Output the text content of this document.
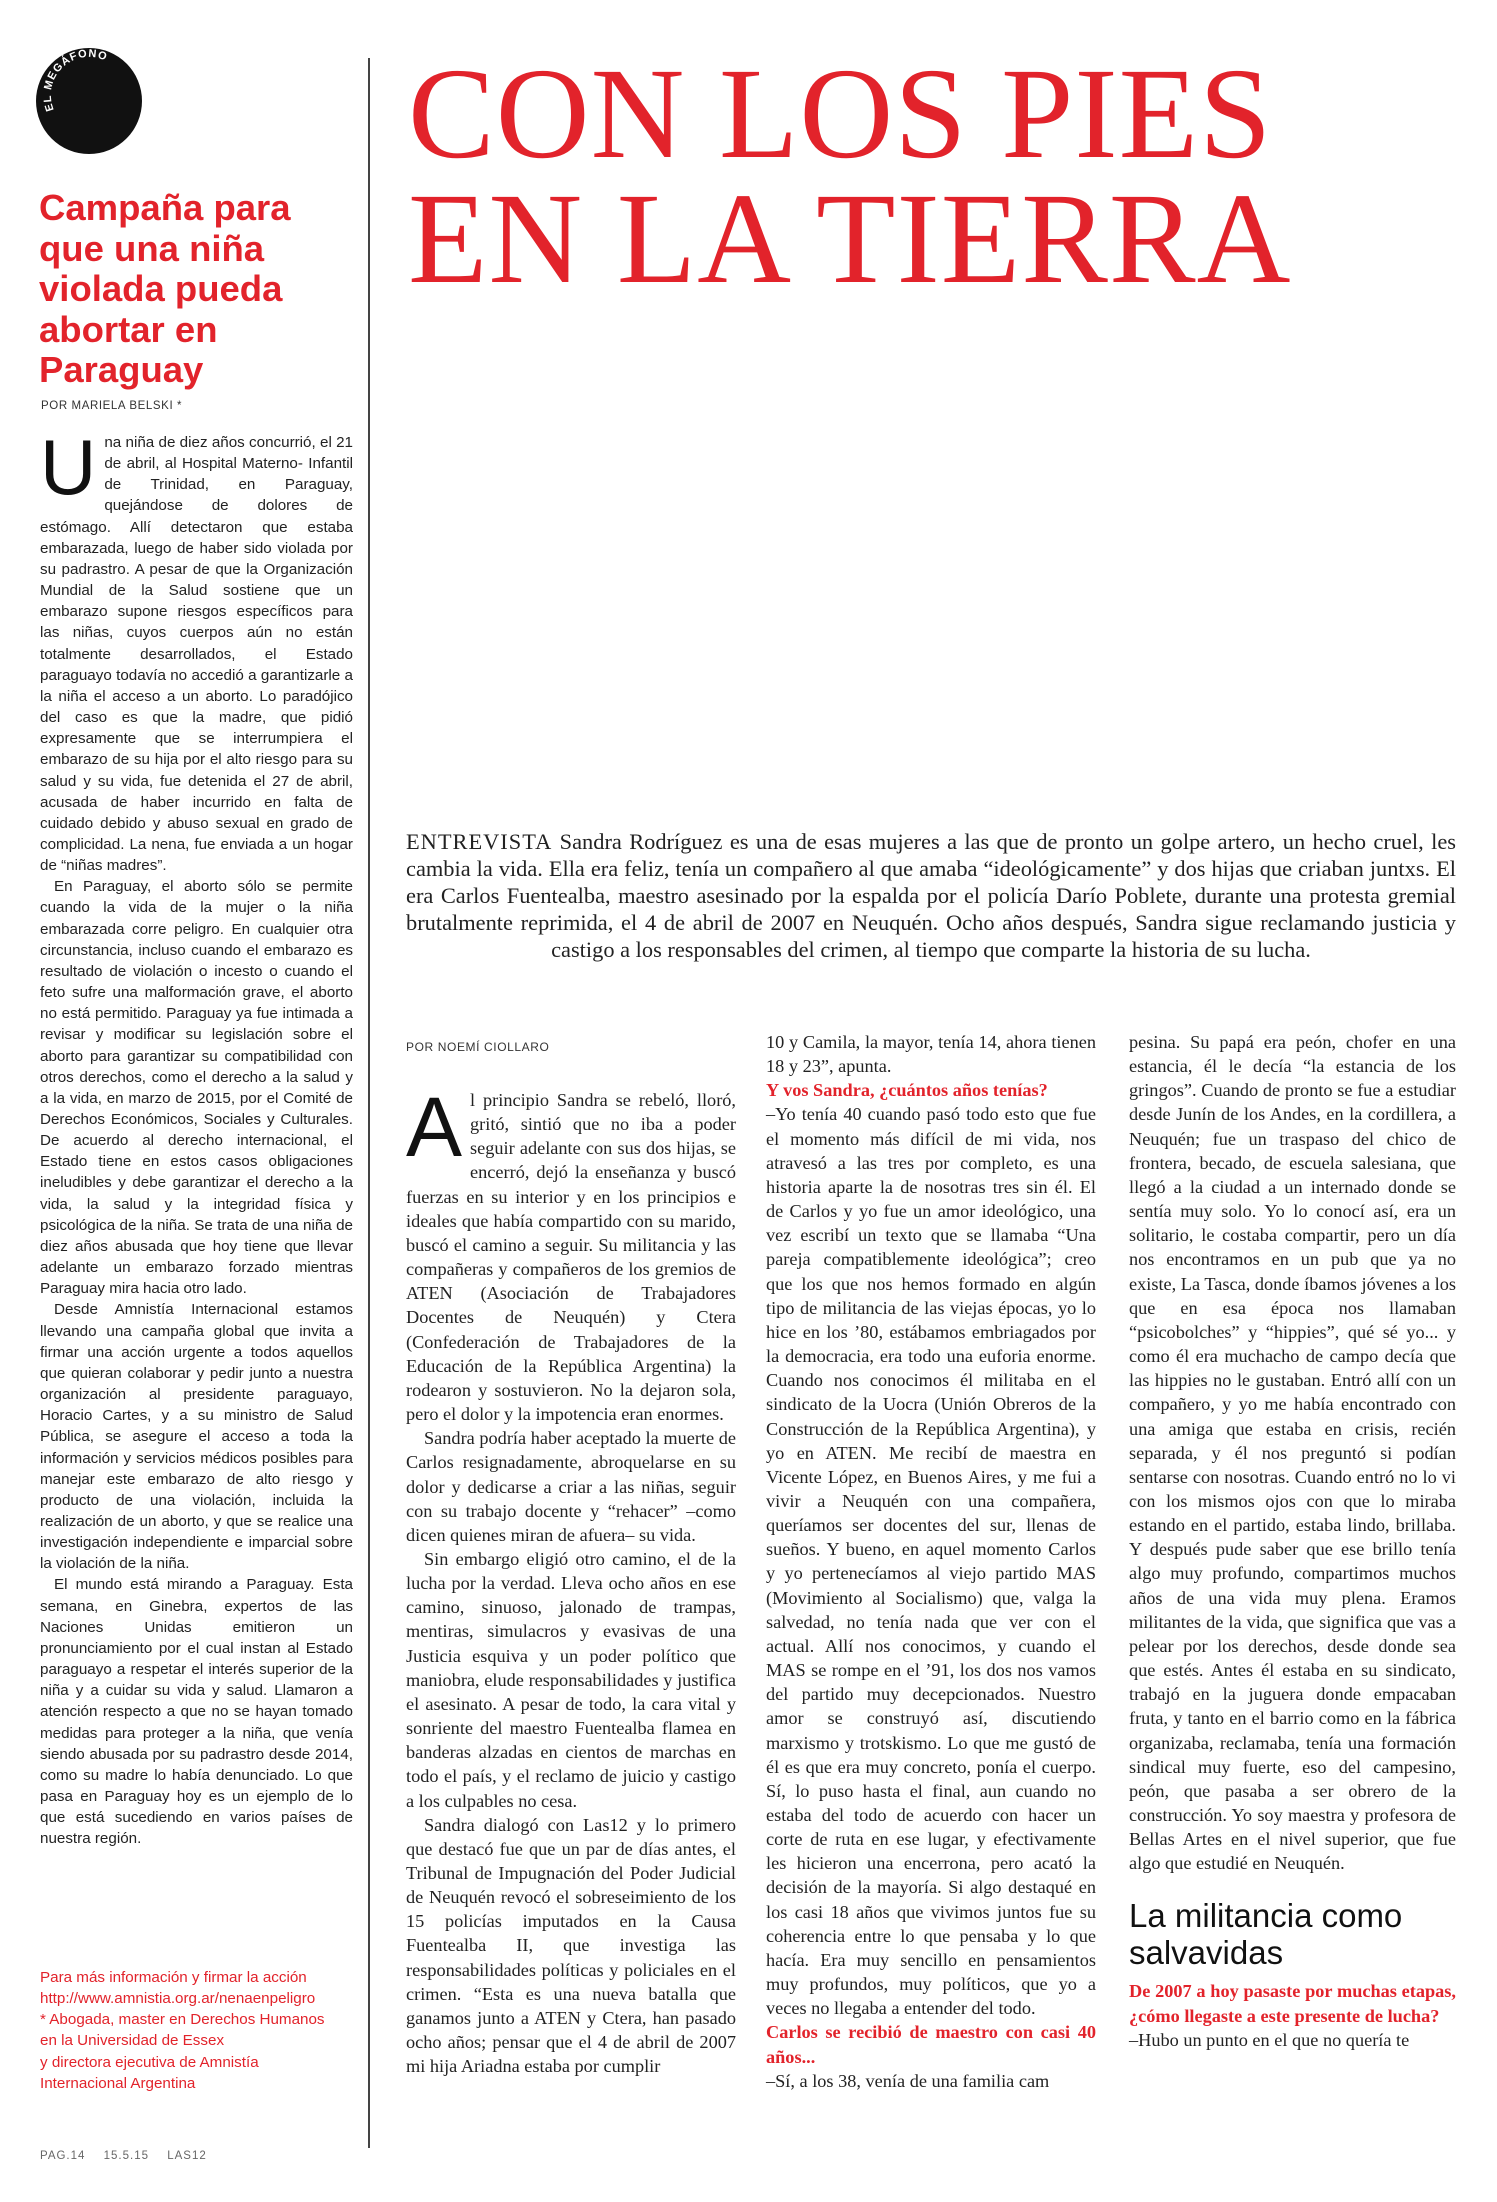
EL MEGÁFONO
Campaña para que una niña violada pueda abortar en Paraguay
POR MARIELA BELSKI *

Una niña de diez años concurrió, el 21 de abril, al Hospital Materno- Infantil de Trinidad, en Paraguay, quejándose de dolores de estómago. Allí detectaron que estaba embarazada, luego de haber sido violada por su padrastro. A pesar de que la Organización Mundial de la Salud sostiene que un embarazo supone riesgos específicos para las niñas, cuyos cuerpos aún no están totalmente desarrollados, el Estado paraguayo todavía no accedió a garantizarle a la niña el acceso a un aborto. Lo paradójico del caso es que la madre, que pidió expresamente que se interrumpiera el embarazo de su hija por el alto riesgo para su salud y su vida, fue detenida el 27 de abril, acusada de haber incurrido en falta de cuidado debido y abuso sexual en grado de complicidad. La nena, fue enviada a un hogar de “niñas madres”.

En Paraguay, el aborto sólo se permite cuando la vida de la mujer o la niña embarazada corre peligro. En cualquier otra circunstancia, incluso cuando el embarazo es resultado de violación o incesto o cuando el feto sufre una malformación grave, el aborto no está permitido. Paraguay ya fue intimada a revisar y modificar su legislación sobre el aborto para garantizar su compatibilidad con otros derechos, como el derecho a la salud y a la vida, en marzo de 2015, por el Comité de Derechos Económicos, Sociales y Culturales. De acuerdo al derecho internacional, el Estado tiene en estos casos obligaciones ineludibles y debe garantizar el derecho a la vida, la salud y la integridad física y psicológica de la niña. Se trata de una niña de diez años abusada que hoy tiene que llevar adelante un embarazo forzado mientras Paraguay mira hacia otro lado.

Desde Amnistía Internacional estamos llevando una campaña global que invita a firmar una acción urgente a todos aquellos que quieran colaborar y pedir junto a nuestra organización al presidente paraguayo, Horacio Cartes, y a su ministro de Salud Pública, se asegure el acceso a toda la información y servicios médicos posibles para manejar este embarazo de alto riesgo y producto de una violación, incluida la realización de un aborto, y que se realice una investigación independiente e imparcial sobre la violación de la niña.

El mundo está mirando a Paraguay. Esta semana, en Ginebra, expertos de las Naciones Unidas emitieron un pronunciamiento por el cual instan al Estado paraguayo a respetar el interés superior de la niña y a cuidar su vida y salud. Llamaron a atención respecto a que no se hayan tomado medidas para proteger a la niña, que venía siendo abusada por su padrastro desde 2014, como su madre lo había denunciado. Lo que pasa en Paraguay hoy es un ejemplo de lo que está sucediendo en varios países de nuestra región.

Para más información y firmar la acción
http://www.amnistia.org.ar/nenaenpeligro
* Abogada, master en Derechos Humanos
en la Universidad de Essex
y directora ejecutiva de Amnistía
Internacional Argentina
PAG.14 15.5.15 LAS12
CON LOS PIES
EN LA TIERRA
ENTREVISTA Sandra Rodríguez es una de esas mujeres a las que de pronto un golpe artero, un hecho cruel, les cambia la vida. Ella era feliz, tenía un compañero al que amaba “ideológicamente” y dos hijas que criaban juntxs. El era Carlos Fuentealba, maestro asesinado por la espalda por el policía Darío Poblete, durante una protesta gremial brutalmente reprimida, el 4 de abril de 2007 en Neuquén. Ocho años después, Sandra sigue reclamando justicia y castigo a los responsables del crimen, al tiempo que comparte la historia de su lucha.
POR NOEMÍ CIOLLARO

Al principio Sandra se rebeló, lloró, gritó, sintió que no iba a poder seguir adelante con sus dos hijas, se encerró, dejó la enseñanza y buscó fuerzas en su interior y en los principios e ideales que había compartido con su marido, buscó el camino a seguir. Su militancia y las compañeras y compañeros de los gremios de ATEN (Asociación de Trabajadores Docentes de Neuquén) y Ctera (Confederación de Trabajadores de la Educación de la República Argentina) la rodearon y sostuvieron. No la dejaron sola, pero el dolor y la impotencia eran enormes.

Sandra podría haber aceptado la muerte de Carlos resignadamente, abroquelarse en su dolor y dedicarse a criar a las niñas, seguir con su trabajo docente y “rehacer” –como dicen quienes miran de afuera– su vida.

Sin embargo eligió otro camino, el de la lucha por la verdad. Lleva ocho años en ese camino, sinuoso, jalonado de trampas, mentiras, simulacros y evasivas de una Justicia esquiva y un poder político que maniobra, elude responsabilidades y justifica el asesinato. A pesar de todo, la cara vital y sonriente del maestro Fuentealba flamea en banderas alzadas en cientos de marchas en todo el país, y el reclamo de juicio y castigo a los culpables no cesa.

Sandra dialogó con Las12 y lo primero que destacó fue que un par de días antes, el Tribunal de Impugnación del Poder Judicial de Neuquén revocó el sobreseimiento de los 15 policías imputados en la Causa Fuentealba II, que investiga las responsabilidades políticas y policiales en el crimen. “Esta es una nueva batalla que ganamos junto a ATEN y Ctera, han pasado ocho años; pensar que el 4 de abril de 2007 mi hija Ariadna estaba por cumplir

10 y Camila, la mayor, tenía 14, ahora tienen 18 y 23”, apunta.

Y vos Sandra, ¿cuántos años tenías?

–Yo tenía 40 cuando pasó todo esto que fue el momento más difícil de mi vida, nos atravesó a las tres por completo, es una historia aparte la de nosotras tres sin él. El de Carlos y yo fue un amor ideológico, una vez escribí un texto que se llamaba “Una pareja compatiblemente ideológica”; creo que los que nos hemos formado en algún tipo de militancia de las viejas épocas, yo lo hice en los ’80, estábamos embriagados por la democracia, era todo una euforia enorme. Cuando nos conocimos él militaba en el sindicato de la Uocra (Unión Obreros de la Construcción de la República Argentina), y yo en ATEN. Me recibí de maestra en Vicente López, en Buenos Aires, y me fui a vivir a Neuquén con una compañera, queríamos ser docentes del sur, llenas de sueños. Y bueno, en aquel momento Carlos y yo pertenecíamos al viejo partido MAS (Movimiento al Socialismo) que, valga la salvedad, no tenía nada que ver con el actual. Allí nos conocimos, y cuando el MAS se rompe en el ’91, los dos nos vamos del partido muy decepcionados. Nuestro amor se construyó así, discutiendo marxismo y trotskismo. Lo que me gustó de él es que era muy concreto, ponía el cuerpo. Sí, lo puso hasta el final, aun cuando no estaba del todo de acuerdo con hacer un corte de ruta en ese lugar, y efectivamente les hicieron una encerrona, pero acató la decisión de la mayoría. Si algo destaqué en los casi 18 años que vivimos juntos fue su coherencia entre lo que pensaba y lo que hacía. Era muy sencillo en pensamientos muy profundos, muy políticos, que yo a veces no llegaba a entender del todo.

Carlos se recibió de maestro con casi 40 años...

–Sí, a los 38, venía de una familia cam

pesina. Su papá era peón, chofer en una estancia, él le decía “la estancia de los gringos”. Cuando de pronto se fue a estudiar desde Junín de los Andes, en la cordillera, a Neuquén; fue un traspaso del chico de frontera, becado, de escuela salesiana, que llegó a la ciudad a un internado donde se sentía muy solo. Yo lo conocí así, era un solitario, le costaba compartir, pero un día nos encontramos en un pub que ya no existe, La Tasca, donde íbamos jóvenes a los que en esa época nos llamaban “psicobolches” y “hippies”, qué sé yo... y como él era muchacho de campo decía que las hippies no le gustaban. Entró allí con un compañero, y yo me había encontrado con una amiga que estaba en crisis, recién separada, y él nos preguntó si podían sentarse con nosotras. Cuando entró no lo vi con los mismos ojos con que lo miraba estando en el partido, estaba lindo, brillaba. Y después pude saber que ese brillo tenía algo muy profundo, compartimos muchos años de una vida muy plena. Eramos militantes de la vida, que significa que vas a pelear por los derechos, desde donde sea que estés. Antes él estaba en su sindicato, trabajó en la juguera donde empacaban fruta, y tanto en el barrio como en la fábrica organizaba, reclamaba, tenía una formación sindical muy fuerte, eso del campesino, peón, que pasaba a ser obrero de la construcción. Yo soy maestra y profesora de Bellas Artes en el nivel superior, que fue algo que estudié en Neuquén.

La militancia como salvavidas

De 2007 a hoy pasaste por muchas etapas, ¿cómo llegaste a este presente de lucha?

–Hubo un punto en el que no quería te
